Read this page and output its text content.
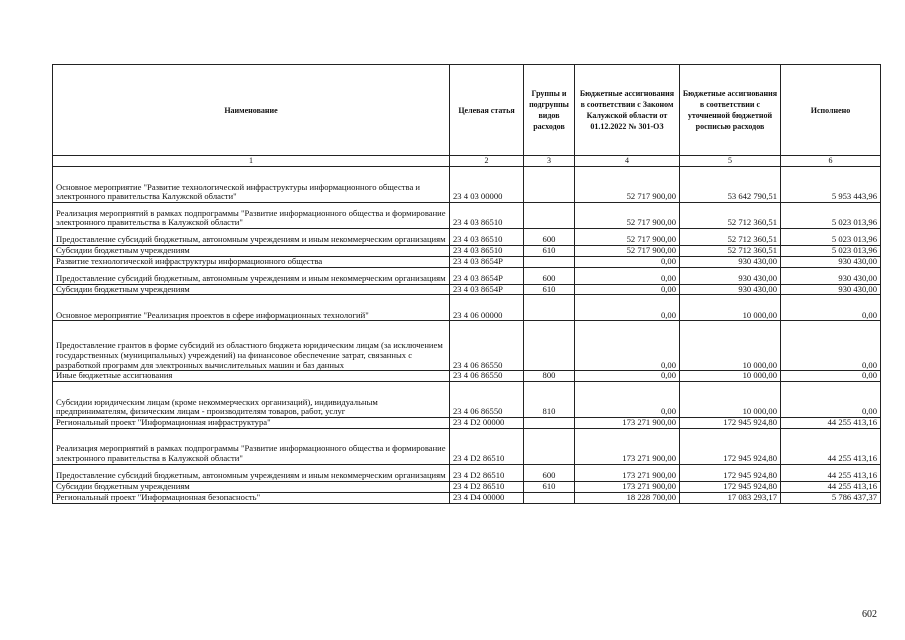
Наименование	Целевая статья	Группы и подгруппы видов расходов	Бюджетные ассигнования в соответствии с Законом Калужской области от 01.12.2022 № 301-ОЗ	Бюджетные ассигнования в соответствии с уточненной бюджетной росписью расходов	Исполнено
1	2	3	4	5	6
Основное мероприятие "Развитие технологической инфраструктуры информационного общества и электронного правительства Калужской области"	23 4 03 00000		52 717 900,00	53 642 790,51	5 953 443,96
Реализация мероприятий в рамках подпрограммы "Развитие информационного общества и формирование электронного правительства в Калужской области"	23 4 03 86510		52 717 900,00	52 712 360,51	5 023 013,96
Предоставление субсидий бюджетным, автономным учреждениям и иным некоммерческим организациям	23 4 03 86510	600	52 717 900,00	52 712 360,51	5 023 013,96
Субсидии бюджетным учреждениям	23 4 03 86510	610	52 717 900,00	52 712 360,51	5 023 013,96
Развитие технологической инфраструктуры информационного общества	23 4 03 8654Р		0,00	930 430,00	930 430,00
Предоставление субсидий бюджетным, автономным учреждениям и иным некоммерческим организациям	23 4 03 8654Р	600	0,00	930 430,00	930 430,00
Субсидии бюджетным учреждениям	23 4 03 8654Р	610	0,00	930 430,00	930 430,00
Основное мероприятие "Реализация проектов в сфере информационных технологий"	23 4 06 00000		0,00	10 000,00	0,00
Предоставление грантов в форме субсидий из областного бюджета юридическим лицам (за исключением государственных (муниципальных) учреждений) на финансовое обеспечение затрат, связанных с разработкой программ для электронных вычислительных машин и баз данных	23 4 06 86550		0,00	10 000,00	0,00
Иные бюджетные ассигнования	23 4 06 86550	800	0,00	10 000,00	0,00
Субсидии юридическим лицам (кроме некоммерческих организаций), индивидуальным предпринимателям, физическим лицам - производителям товаров, работ, услуг	23 4 06 86550	810	0,00	10 000,00	0,00
Региональный проект "Информационная инфраструктура"	23 4 D2 00000		173 271 900,00	172 945 924,80	44 255 413,16
Реализация мероприятий в рамках подпрограммы "Развитие информационного общества и формирование электронного правительства в Калужской области"	23 4 D2 86510		173 271 900,00	172 945 924,80	44 255 413,16
Предоставление субсидий бюджетным, автономным учреждениям и иным некоммерческим организациям	23 4 D2 86510	600	173 271 900,00	172 945 924,80	44 255 413,16
Субсидии бюджетным учреждениям	23 4 D2 86510	610	173 271 900,00	172 945 924,80	44 255 413,16
Региональный проект "Информационная безопасность"	23 4 D4 00000		18 228 700,00	17 083 293,17	5 786 437,37
602
